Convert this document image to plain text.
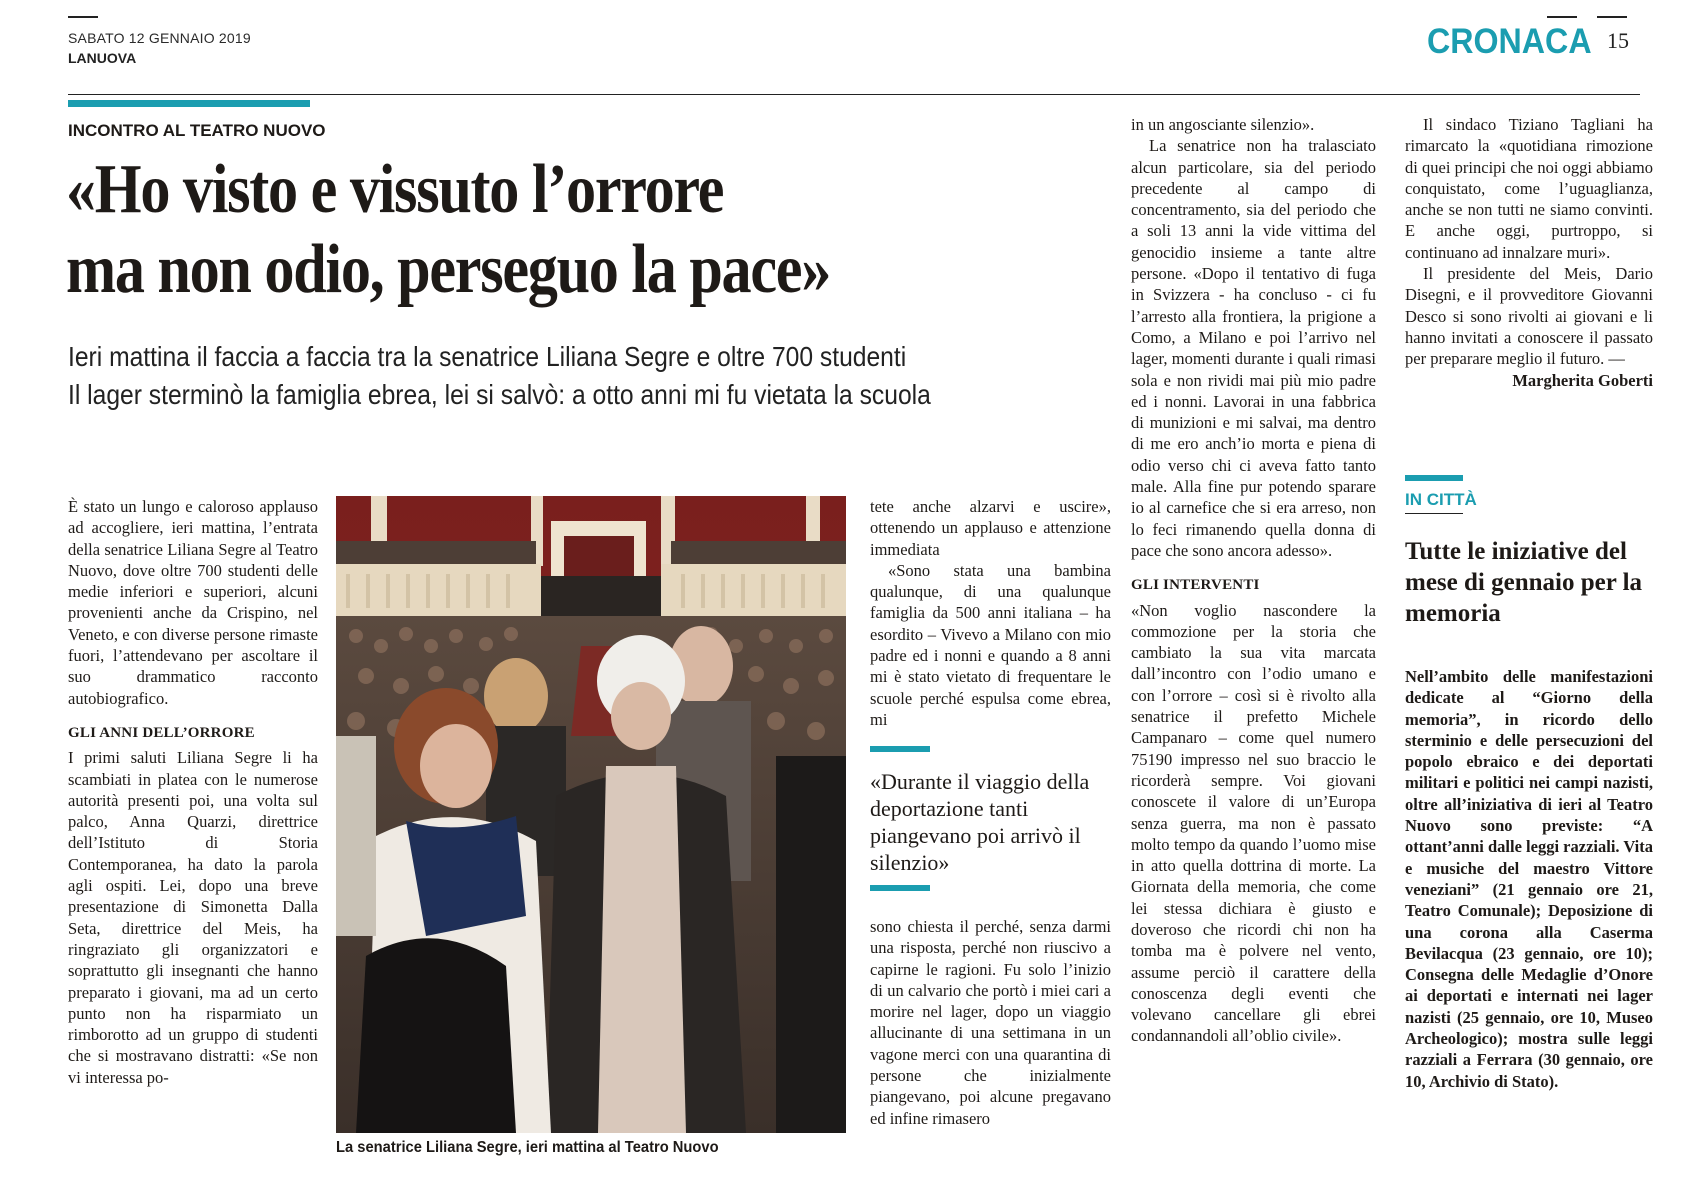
SABATO 12 GENNAIO 2019
LANUOVA	CRONACA 15
INCONTRO AL TEATRO NUOVO
«Ho visto e vissuto l’orrore
ma non odio, perseguo la pace»
Ieri mattina il faccia a faccia tra la senatrice Liliana Segre e oltre 700 studenti
Il lager sterminò la famiglia ebrea, lei si salvò: a otto anni mi fu vietata la scuola

È stato un lungo e caloroso applauso ad accogliere, ieri mattina, l’entrata della senatrice Liliana Segre al Teatro Nuovo, dove oltre 700 studenti delle medie inferiori e superiori, alcuni provenienti anche da Crispino, nel Veneto, e con diverse persone rimaste fuori, l’attendevano per ascoltare il suo drammatico racconto autobiografico.

GLI ANNI DELL’ORRORE

I primi saluti Liliana Segre li ha scambiati in platea con le numerose autorità presenti poi, una volta sul palco, Anna Quarzi, direttrice dell’Istituto di Storia Contemporanea, ha dato la parola agli ospiti. Lei, dopo una breve presentazione di Simonetta Dalla Seta, direttrice del Meis, ha ringraziato gli organizzatori e soprattutto gli insegnanti che hanno preparato i giovani, ma ad un certo punto non ha risparmiato un rimborotto ad un gruppo di studenti che si mostravano distratti: «Se non vi interessa po-

La senatrice Liliana Segre, ieri mattina al Teatro Nuovo

tete anche alzarvi e uscire», ottenendo un applauso e attenzione immediata

«Sono stata una bambina qualunque, di una qualunque famiglia da 500 anni italiana – ha esordito – Vivevo a Milano con mio padre ed i nonni e quando a 8 anni mi è stato vietato di frequentare le scuole perché espulsa come ebrea, mi

«Durante il viaggio della deportazione tanti piangevano poi arrivò il silenzio»

sono chiesta il perché, senza darmi una risposta, perché non riuscivo a capirne le ragioni. Fu solo l’inizio di un calvario che portò i miei cari a morire nel lager, dopo un viaggio allucinante di una settimana in un vagone merci con una quarantina di persone che inizialmente piangevano, poi alcune pregavano ed infine rimasero

in un angosciante silenzio».

La senatrice non ha tralasciato alcun particolare, sia del periodo precedente al campo di concentramento, sia del periodo che a soli 13 anni la vide vittima del genocidio insieme a tante altre persone. «Dopo il tentativo di fuga in Svizzera - ha concluso - ci fu l’arresto alla frontiera, la prigione a Como, a Milano e poi l’arrivo nel lager, momenti durante i quali rimasi sola e non rividi mai più mio padre ed i nonni. Lavorai in una fabbrica di munizioni e mi salvai, ma dentro di me ero anch’io morta e piena di odio verso chi ci aveva fatto tanto male. Alla fine pur potendo sparare io al carnefice che si era arreso, non lo feci rimanendo quella donna di pace che sono ancora adesso».

GLI INTERVENTI

«Non voglio nascondere la commozione per la storia che cambiato la sua vita marcata dall’incontro con l’odio umano e con l’orrore – così si è rivolto alla senatrice il prefetto Michele Campanaro – come quel numero 75190 impresso nel suo braccio le ricorderà sempre. Voi giovani conoscete il valore di un’Europa senza guerra, ma non è passato molto tempo da quando l’uomo mise in atto quella dottrina di morte. La Giornata della memoria, che come lei stessa dichiara è giusto e doveroso che ricordi chi non ha tomba ma è polvere nel vento, assume perciò il carattere della conoscenza degli eventi che volevano cancellare gli ebrei condannandoli all’oblio civile».

Il sindaco Tiziano Tagliani ha rimarcato la «quotidiana rimozione di quei principi che noi oggi abbiamo conquistato, come l’uguaglianza, anche se non tutti ne siamo convinti. E anche oggi, purtroppo, si continuano ad innalzare muri».

Il presidente del Meis, Dario Disegni, e il provveditore Giovanni Desco si sono rivolti ai giovani e li hanno invitati a conoscere il passato per preparare meglio il futuro. —

Margherita Goberti
IN CITTÀ
Tutte le iniziative del mese di gennaio per la memoria

Nell’ambito delle manifestazioni dedicate al “Giorno della memoria”, in ricordo dello sterminio e delle persecuzioni del popolo ebraico e dei deportati militari e politici nei campi nazisti, oltre all’iniziativa di ieri al Teatro Nuovo sono previste: “A ottant’anni dalle leggi razziali. Vita e musiche del maestro Vittore veneziani” (21 gennaio ore 21, Teatro Comunale); Deposizione di una corona alla Caserma Bevilacqua (23 gennaio, ore 10); Consegna delle Medaglie d’Onore ai deportati e internati nei lager nazisti (25 gennaio, ore 10, Museo Archeologico); mostra sulle leggi razziali a Ferrara (30 gennaio, ore 10, Archivio di Stato).
